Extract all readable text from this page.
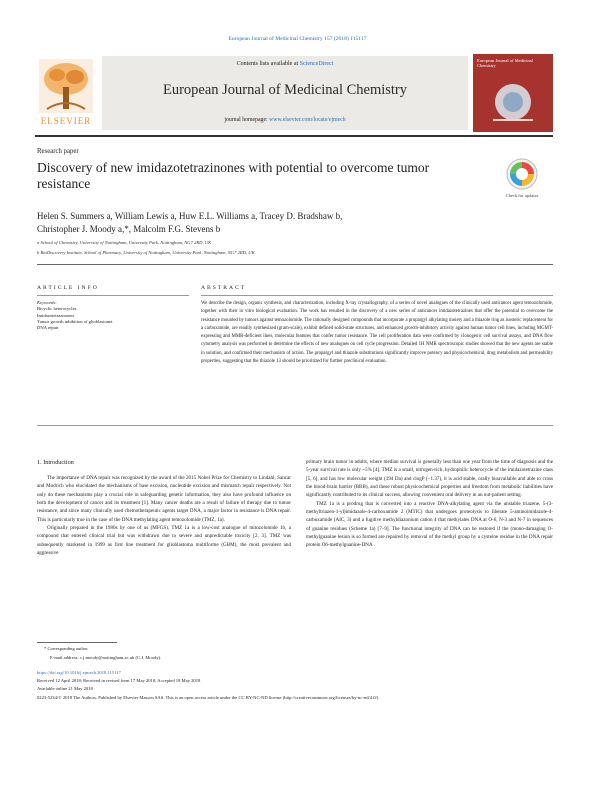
European Journal of Medicinal Chemistry 157 (2018) 115117
ELSEVIER
Contents lists available at ScienceDirect
European Journal of Medicinal Chemistry
journal homepage: www.elsevier.com/locate/ejmech
European Journal of Medicinal Chemistry
Research paper
Discovery of new imidazotetrazinones with potential to overcome tumor resistance
Check for updates
Helen S. Summers a, William Lewis a, Huw E.L. Williams a, Tracey D. Bradshaw b,
Christopher J. Moody a,*, Malcolm F.G. Stevens b
a School of Chemistry, University of Nottingham, University Park, Nottingham, NG7 2RD, UK
b BioDiscovery Institute, School of Pharmacy, University of Nottingham, University Park, Nottingham, NG7 2RD, UK
ARTICLE INFO	ABSTRACT
Keywords:
Bicyclic heterocycles
Imidazotetrazinones
Tumor growth inhibition of glioblastoma
DNA repair
We describe the design, organic synthesis, and characterization, including X-ray crystallography, of a series of novel analogues of the clinically used anticancer agent temozolomide, together with their in vitro biological evaluation. The work has resulted in the discovery of a new series of anticancer imidazotetrazines that offer the potential to overcome the resistance mounted by tumors against temozolomide. The rationally designed compounds that incorporate a propargyl alkylating moiety and a thiazole ring as isosteric replacement for a carboxamide, are readily synthesized (gram-scale), exhibit defined solid-state structures, and enhanced growth-inhibitory activity against human tumor cell lines, including MGMT-expressing and MMR-deficient lines, molecular features that confer tumor resistance. The cell proliferation data were confirmed by clonogenic cell survival assays, and DNA flow cytometry analysis was performed to determine the effects of new analogues on cell cycle progression. Detailed 1H NMR spectroscopic studies showed that the new agents are stable in solution, and confirmed their mechanism of action. The propargyl and thiazole substitutions significantly improve potency and physicochemical, drug metabolism and permeability properties, suggesting that the thiazole 13 should be prioritized for further preclinical evaluation.
1. Introduction
The importance of DNA repair was recognized by the award of the 2015 Nobel Prize for Chemistry to Lindahl, Sancar and Modrich who elucidated the mechanisms of base excision, nucleotide excision and mismatch repair respectively. Not only do these mechanisms play a crucial role in safeguarding genetic information, they also have profound influence on both the development of cancer and its treatment [1]. Many cancer deaths are a result of failure of therapy due to tumor resistance, and since many clinically used chemotherapeutic agents target DNA, a major factor in resistance is DNA repair. This is particularly true in the case of the DNA methylating agent temozolomide (TMZ, 1a).
Originally prepared in the 1980s by one of us (MFGS), TMZ 1a is a low-cost analogue of mitozolomide 1b, a compound that entered clinical trial but was withdrawn due to severe and unpredictable toxicity [2, 3]. TMZ was subsequently marketed in 1999 as first line treatment for glioblastoma multiforme (GBM), the most prevalent and aggressive
primary brain tumor in adults, where median survival is generally less than one year from the time of diagnosis and the 5-year survival rate is only ~5% [4]. TMZ is a small, nitrogen-rich, hydrophilic heterocycle of the imidazotetrazine class [5, 6], and has low molecular weight (194 Da) and clogP (−1.37), it is acid stable, orally bioavailable and able to cross the blood-brain barrier (BBB), and these robust physicochemical properties and freedom from metabolic liabilities have significantly contributed to its clinical success, allowing convenient oral delivery in an out-patient setting.
TMZ 1a is a prodrug that is converted into a reactive DNA-alkylating agent via the unstable triazene, 5-(3-methyltriazen-1-yl)imidazole-4-carboxamide 2 (MTIC) that undergoes proteolysis to liberate 5-aminoimidazole-4-carboxamide (AIC, 3) and a fugitive methyldiazonium cation 4 that methylates DNA at O-6, N-3 and N-7 in sequences of guanine residues (Scheme 1a) [7–9]. The functional integrity of DNA can be restored if the (mono-damaging O-methylguanine lesion is so formed are repaired by removal of the methyl group by a cysteine residue in the DNA repair protein O6-methylguanine-DNA
* Corresponding author.
E-mail address: c.j.moody@nottingham.ac.uk (C.J. Moody).
https://doi.org/10.1016/j.ejmech.2018.115117
Received 12 April 2018; Received in revised form 17 May 2018; Accepted 18 May 2018
Available online 21 May 2018
0223-5234/© 2018 The Authors. Published by Elsevier Masson SAS. This is an open access article under the CC BY-NC-ND license (http://creativecommons.org/licenses/by-nc-nd/4.0/).
